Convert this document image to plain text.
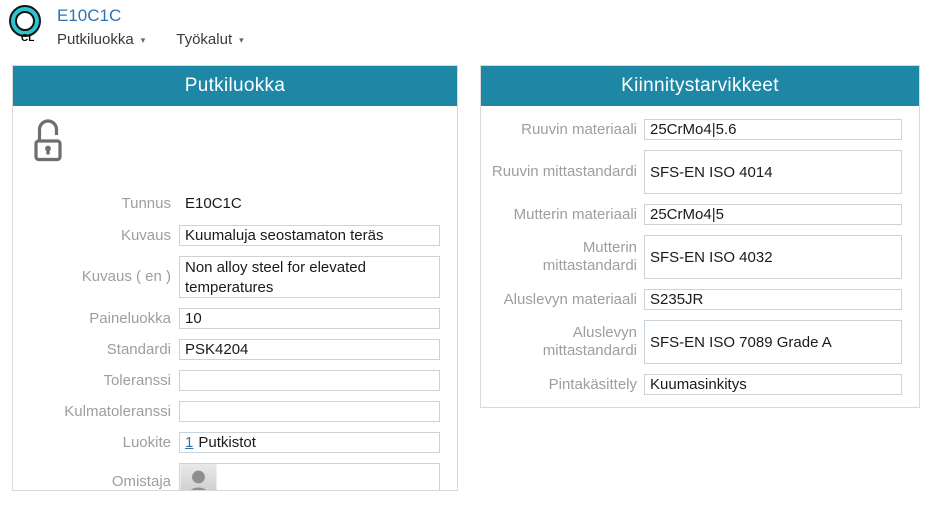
CL
E10C1C
Putkiluokka ▾ Työkalut ▾
Putkiluokka
Tunnus E10C1C
Kuvaus
Kuumaluja seostamaton teräs
Kuvaus ( en )
Non alloy steel for elevated temperatures
Paineluokka
10
Standardi
PSK4204
Toleranssi
Kulmatoleranssi
Luokite 1 Putkistot
Omistaja
Kiinnitystarvikkeet
Ruuvin materiaali
25CrMo4|5.6
Ruuvin mittastandardi
SFS-EN ISO 4014
Mutterin materiaali
25CrMo4|5
Mutterin mittastandardi
SFS-EN ISO 4032
Aluslevyn materiaali
S235JR
Aluslevyn mittastandardi
SFS-EN ISO 7089 Grade A
Pintakäsittely
Kuumasinkitys
